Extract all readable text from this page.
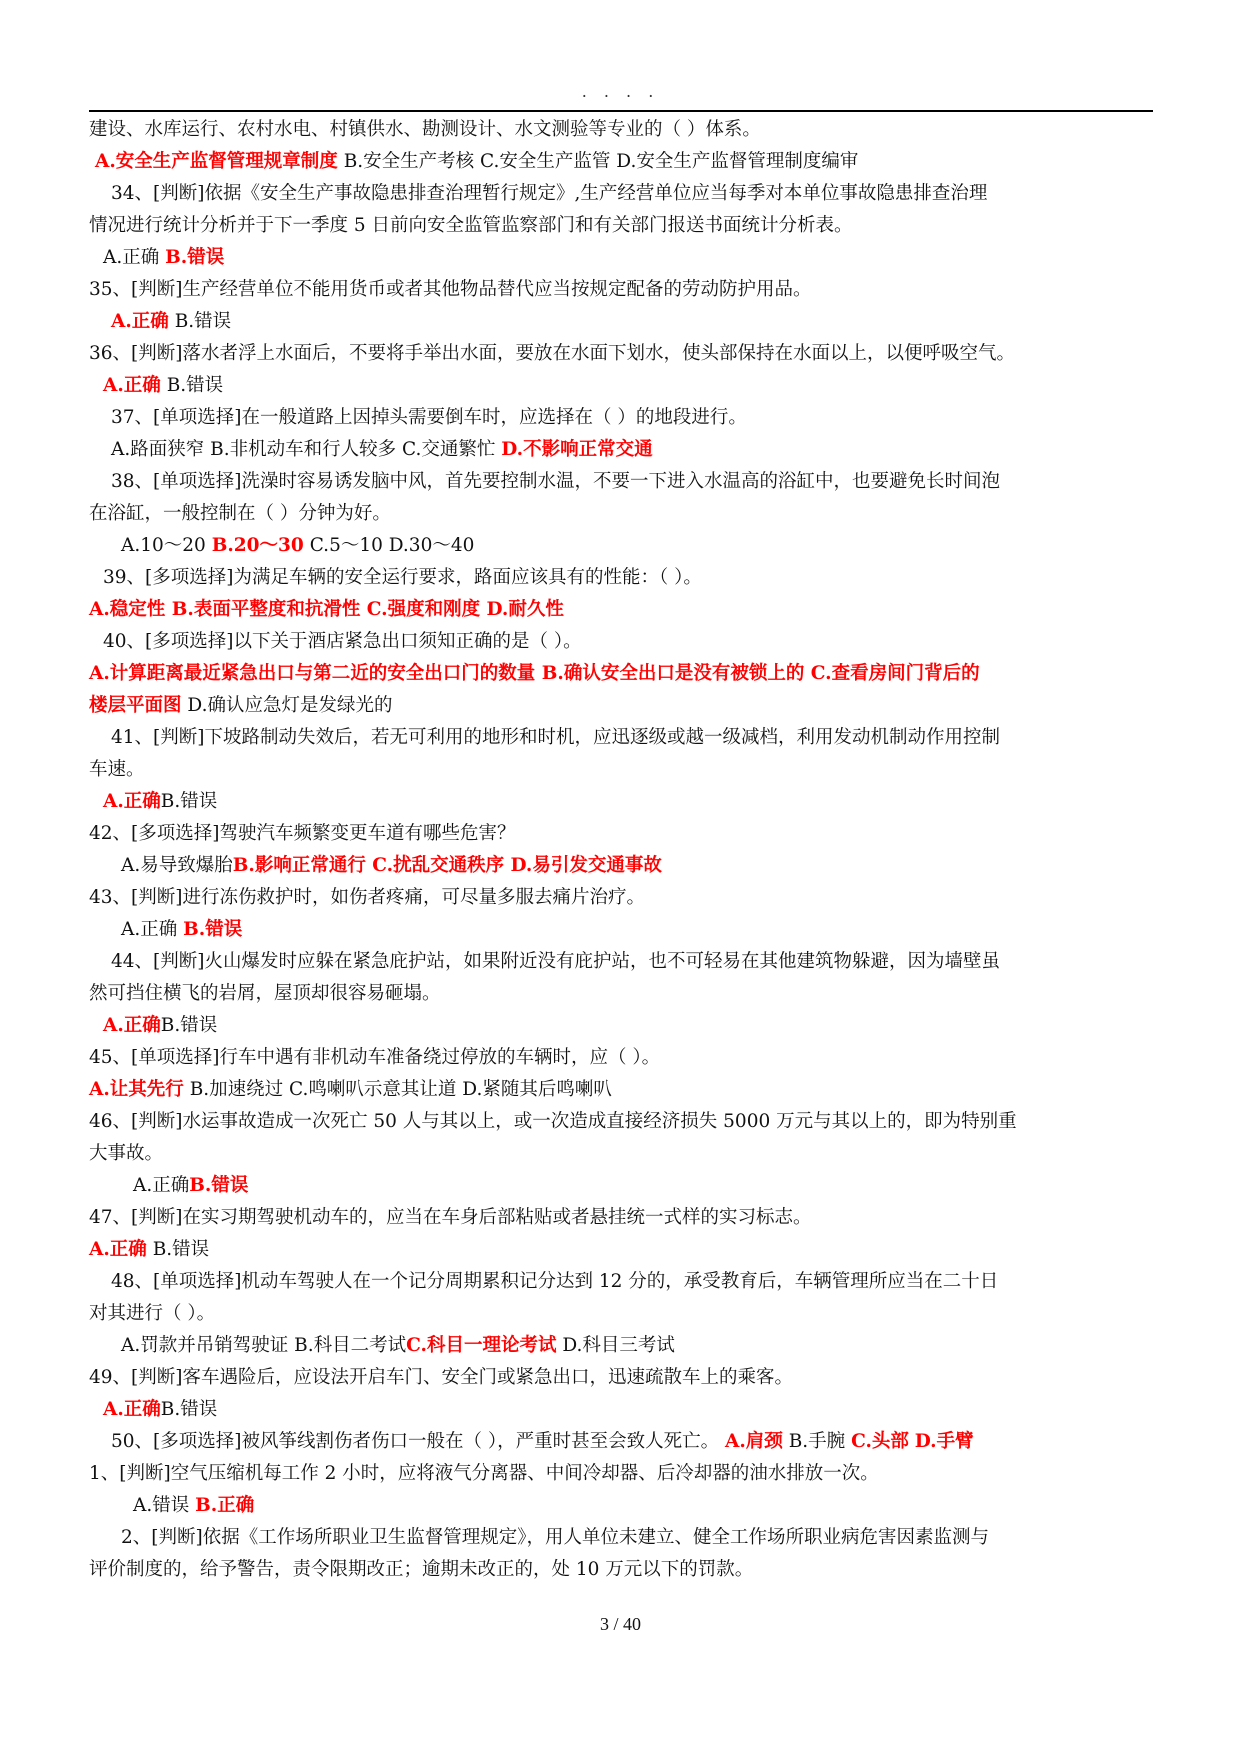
. . . .
建设、水库运行、农村水电、村镇供水、勘测设计、水文测验等专业的（ ）体系。
A.安全生产监督管理规章制度 B.安全生产考核 C.安全生产监管 D.安全生产监督管理制度编审
34、[判断]依据《安全生产事故隐患排查治理暂行规定》,生产经营单位应当每季对本单位事故隐患排查治理
情况进行统计分析并于下一季度 5 日前向安全监管监察部门和有关部门报送书面统计分析表。
A.正确 B.错误
35、[判断]生产经营单位不能用货币或者其他物品替代应当按规定配备的劳动防护用品。
A.正确 B.错误
36、[判断]落水者浮上水面后，不要将手举出水面，要放在水面下划水，使头部保持在水面以上，以便呼吸空气。
A.正确 B.错误
37、[单项选择]在一般道路上因掉头需要倒车时，应选择在（ ）的地段进行。
A.路面狭窄 B.非机动车和行人较多 C.交通繁忙 D.不影响正常交通
38、[单项选择]洗澡时容易诱发脑中风，首先要控制水温，不要一下进入水温高的浴缸中，也要避免长时间泡
在浴缸，一般控制在（ ）分钟为好。
A.10～20 B.20～30 C.5～10 D.30～40
39、[多项选择]为满足车辆的安全运行要求，路面应该具有的性能：（ ）。
A.稳定性 B.表面平整度和抗滑性 C.强度和刚度 D.耐久性
40、[多项选择]以下关于酒店紧急出口须知正确的是（ ）。
A.计算距离最近紧急出口与第二近的安全出口门的数量 B.确认安全出口是没有被锁上的 C.查看房间门背后的
楼层平面图 D.确认应急灯是发绿光的
41、[判断]下坡路制动失效后，若无可利用的地形和时机，应迅逐级或越一级减档，利用发动机制动作用控制
车速。
A.正确B.错误
42、[多项选择]驾驶汽车频繁变更车道有哪些危害？
A.易导致爆胎B.影响正常通行 C.扰乱交通秩序 D.易引发交通事故
43、[判断]进行冻伤救护时，如伤者疼痛，可尽量多服去痛片治疗。
A.正确 B.错误
44、[判断]火山爆发时应躲在紧急庇护站，如果附近没有庇护站，也不可轻易在其他建筑物躲避，因为墙壁虽
然可挡住横飞的岩屑，屋顶却很容易砸塌。
A.正确B.错误
45、[单项选择]行车中遇有非机动车准备绕过停放的车辆时，应（ ）。
A.让其先行 B.加速绕过 C.鸣喇叭示意其让道 D.紧随其后鸣喇叭
46、[判断]水运事故造成一次死亡 50 人与其以上，或一次造成直接经济损失 5000 万元与其以上的，即为特别重
大事故。
A.正确B.错误
47、[判断]在实习期驾驶机动车的，应当在车身后部粘贴或者悬挂统一式样的实习标志。
A.正确 B.错误
48、[单项选择]机动车驾驶人在一个记分周期累积记分达到 12 分的，承受教育后，车辆管理所应当在二十日
对其进行（ ）。
A.罚款并吊销驾驶证 B.科目二考试C.科目一理论考试 D.科目三考试
49、[判断]客车遇险后，应设法开启车门、安全门或紧急出口，迅速疏散车上的乘客。
A.正确B.错误
50、[多项选择]被风筝线割伤者伤口一般在（ ），严重时甚至会致人死亡。 A.肩颈 B.手腕 C.头部 D.手臂
1、[判断]空气压缩机每工作 2 小时，应将液气分离器、中间冷却器、后冷却器的油水排放一次。
A.错误 B.正确
2、[判断]依据《工作场所职业卫生监督管理规定》，用人单位未建立、健全工作场所职业病危害因素监测与
评价制度的，给予警告，责令限期改正；逾期未改正的，处 10 万元以下的罚款。
3 / 40
